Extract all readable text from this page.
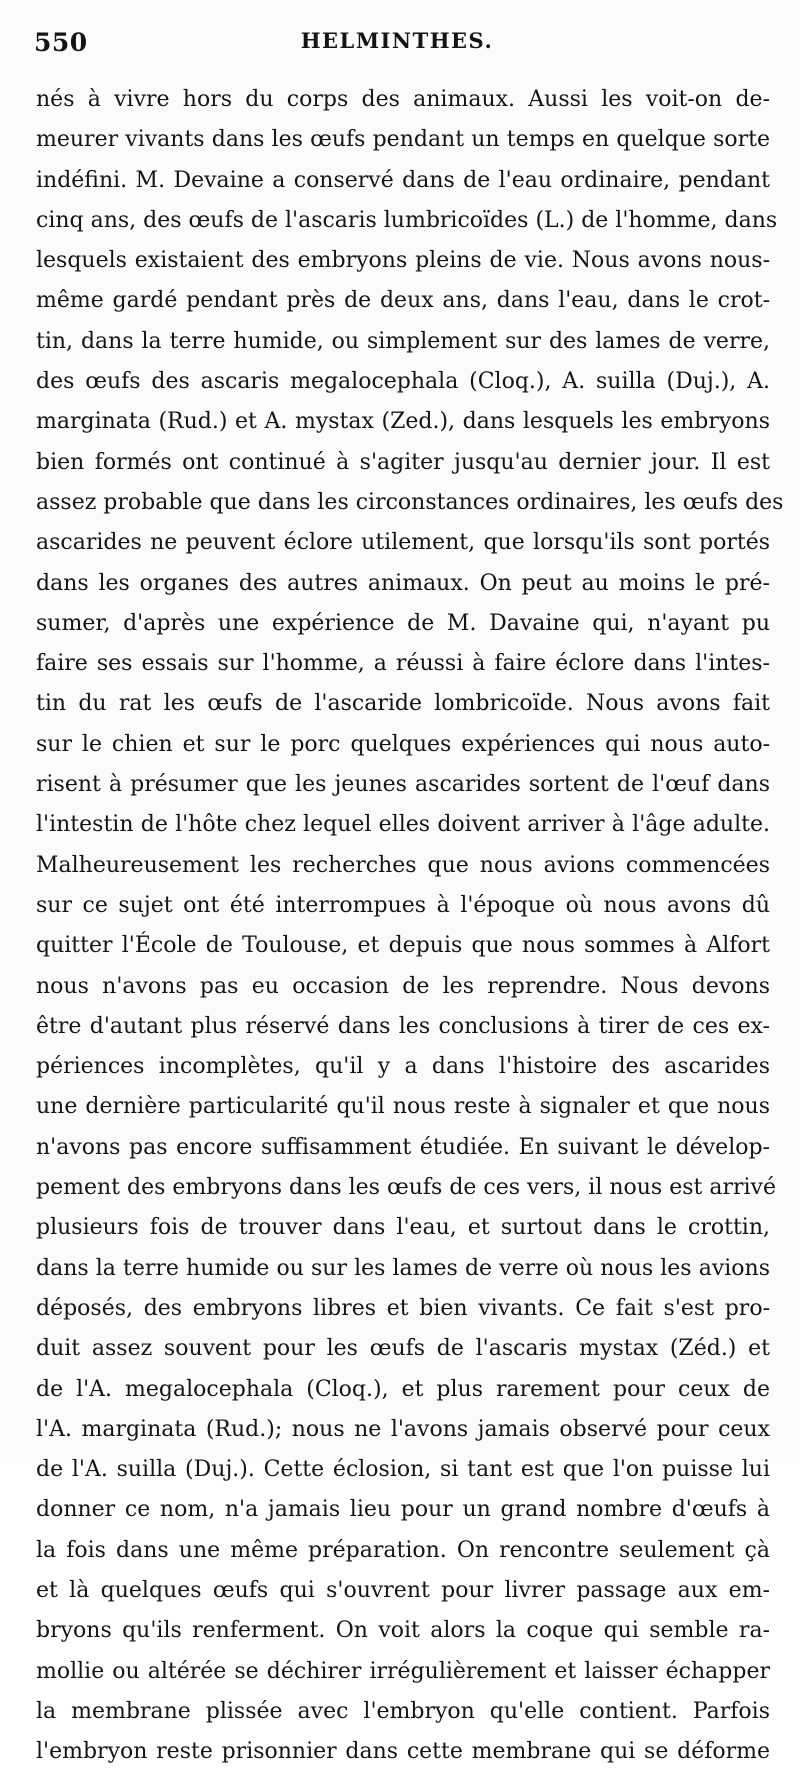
550	HELMINTHES.
nés à vivre hors du corps des animaux. Aussi les voit-on de-
meurer vivants dans les œufs pendant un temps en quelque sorte
indéfini. M. Devaine a conservé dans de l'eau ordinaire, pendant
cinq ans, des œufs de l'ascaris lumbricoïdes (L.) de l'homme, dans
lesquels existaient des embryons pleins de vie. Nous avons nous-
même gardé pendant près de deux ans, dans l'eau, dans le crot-
tin, dans la terre humide, ou simplement sur des lames de verre,
des œufs des ascaris megalocephala (Cloq.), A. suilla (Duj.), A.
marginata (Rud.) et A. mystax (Zed.), dans lesquels les embryons
bien formés ont continué à s'agiter jusqu'au dernier jour. Il est
assez probable que dans les circonstances ordinaires, les œufs des
ascarides ne peuvent éclore utilement, que lorsqu'ils sont portés
dans les organes des autres animaux. On peut au moins le pré-
sumer, d'après une expérience de M. Davaine qui, n'ayant pu
faire ses essais sur l'homme, a réussi à faire éclore dans l'intes-
tin du rat les œufs de l'ascaride lombricoïde. Nous avons fait
sur le chien et sur le porc quelques expériences qui nous auto-
risent à présumer que les jeunes ascarides sortent de l'œuf dans
l'intestin de l'hôte chez lequel elles doivent arriver à l'âge adulte.
Malheureusement les recherches que nous avions commencées
sur ce sujet ont été interrompues à l'époque où nous avons dû
quitter l'École de Toulouse, et depuis que nous sommes à Alfort
nous n'avons pas eu occasion de les reprendre. Nous devons
être d'autant plus réservé dans les conclusions à tirer de ces ex-
périences incomplètes, qu'il y a dans l'histoire des ascarides
une dernière particularité qu'il nous reste à signaler et que nous
n'avons pas encore suffisamment étudiée. En suivant le dévelop-
pement des embryons dans les œufs de ces vers, il nous est arrivé
plusieurs fois de trouver dans l'eau, et surtout dans le crottin,
dans la terre humide ou sur les lames de verre où nous les avions
déposés, des embryons libres et bien vivants. Ce fait s'est pro-
duit assez souvent pour les œufs de l'ascaris mystax (Zéd.) et
de l'A. megalocephala (Cloq.), et plus rarement pour ceux de
l'A. marginata (Rud.); nous ne l'avons jamais observé pour ceux
de l'A. suilla (Duj.). Cette éclosion, si tant est que l'on puisse lui
donner ce nom, n'a jamais lieu pour un grand nombre d'œufs à
la fois dans une même préparation. On rencontre seulement çà
et là quelques œufs qui s'ouvrent pour livrer passage aux em-
bryons qu'ils renferment. On voit alors la coque qui semble ra-
mollie ou altérée se déchirer irrégulièrement et laisser échapper
la membrane plissée avec l'embryon qu'elle contient. Parfois
l'embryon reste prisonnier dans cette membrane qui se déforme
